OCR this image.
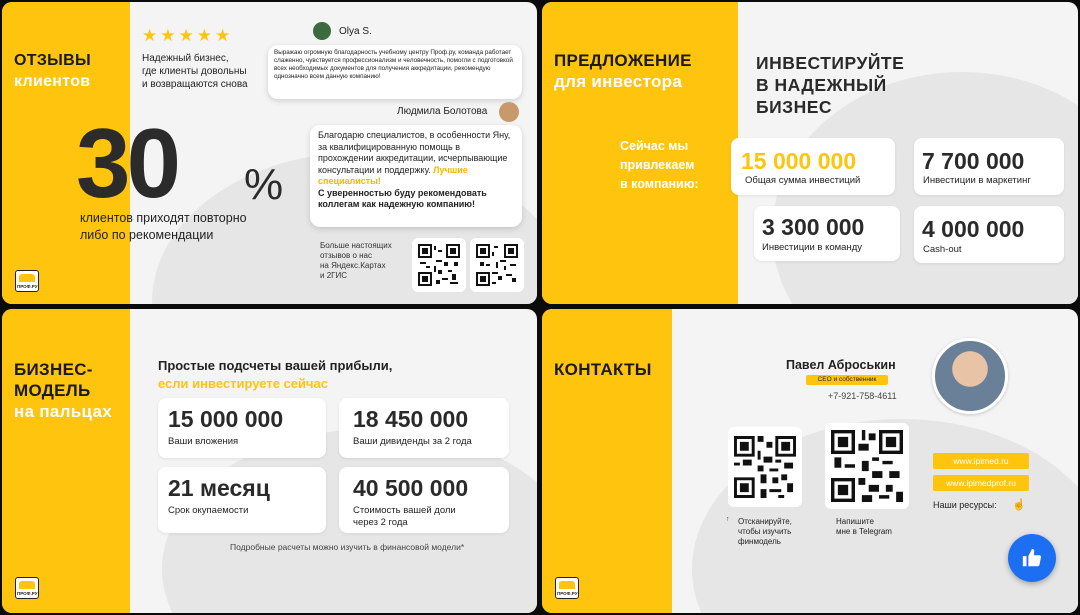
ОТЗЫВЫ
клиентов
★★★★★
Надежный бизнес,
где клиенты довольны
и возвращаются снова
30 %
клиентов приходят повторно
либо по рекомендации
Olya S.
Выражаю огромную благодарность учебному центру Проф.ру, команда работает слаженно, чувствуется профессионализм и человечность, помогли с подготовкой всех необходимых документов для получения аккредитации, рекомендую однозначно всем данную компанию!
Людмила Болотова
Благодарю специалистов, в особенности Яну, за квалифицированную помощь в прохождении аккредитации, исчерпывающие консультации и поддержку. Лучшие специалисты!
С уверенностью буду рекомендовать коллегам как надежную компанию!
Больше настоящих
отзывов о нас
на Яндекс.Картах
и 2ГИС
ПРОФ.РУ
ПРЕДЛОЖЕНИЕ
для инвестора
ИНВЕСТИРУЙТЕ
В НАДЕЖНЫЙ
БИЗНЕС
Сейчас мы
привлекаем
в компанию:
15 000 000
Общая сумма инвестиций
7 700 000
Инвестиции в маркетинг
3 300 000
Инвестиции в команду
4 000 000
Cash-out
БИЗНЕС-
МОДЕЛЬ
на пальцах
Простые подсчеты вашей прибыли,
если инвестируете сейчас
15 000 000
Ваши вложения
18 450 000
Ваши дивиденды за 2 года
21 месяц
Срок окупаемости
40 500 000
Стоимость вашей доли
через 2 года
Подробные расчеты можно изучить в финансовой модели*
ПРОФ.РУ
КОНТАКТЫ	Павел Аброськин
СЕО и собственник
+7-921-758-4611
↑ Отсканируйте,
чтобы изучить
финмодель
Напишите
мне в Telegram
www.ipimed.ru
www.ipimedprof.ru
Наши ресурсы: ☝
ПРОФ.РУ
